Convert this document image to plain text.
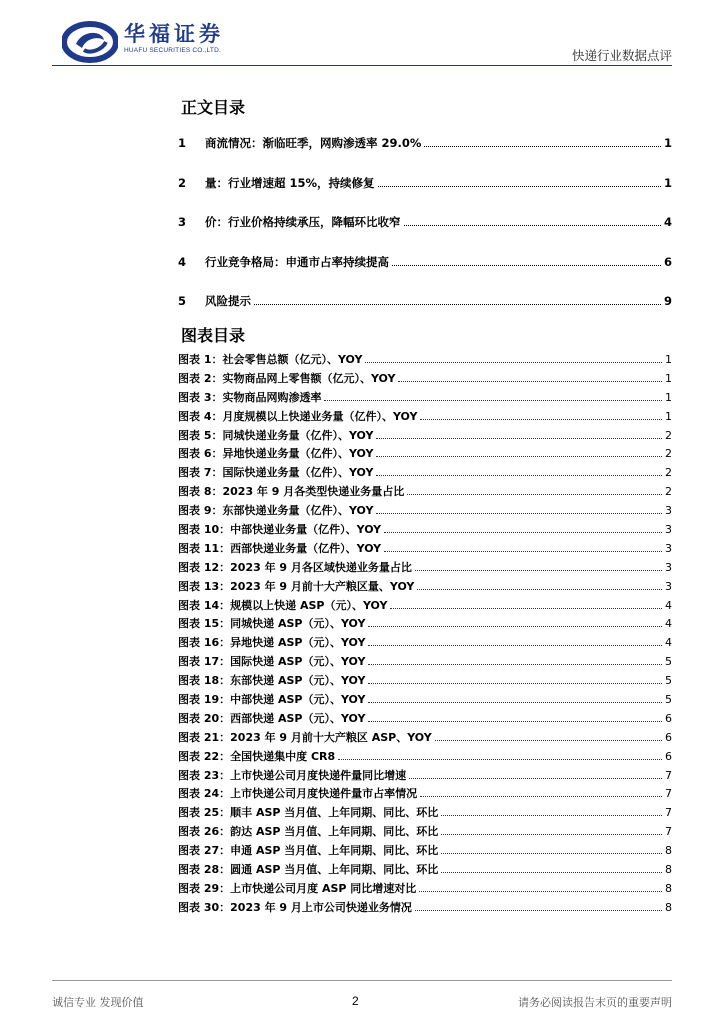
华福证券
HUAFU SECURITIES CO.,LTD.	快递行业数据点评
正文目录
1	商流情况：渐临旺季，网购渗透率 29.0%	1
2	量：行业增速超 15%，持续修复	1
3	价：行业价格持续承压，降幅环比收窄	4
4	行业竞争格局：申通市占率持续提高	6
5	风险提示	9
图表目录
图表 1：社会零售总额（亿元）、YOY	1
图表 2：实物商品网上零售额（亿元）、YOY	1
图表 3：实物商品网购渗透率	1
图表 4：月度规模以上快递业务量（亿件）、YOY	1
图表 5：同城快递业务量（亿件）、YOY	2
图表 6：异地快递业务量（亿件）、YOY	2
图表 7：国际快递业务量（亿件）、YOY	2
图表 8：2023 年 9 月各类型快递业务量占比	2
图表 9：东部快递业务量（亿件）、YOY	3
图表 10：中部快递业务量（亿件）、YOY	3
图表 11：西部快递业务量（亿件）、YOY	3
图表 12：2023 年 9 月各区域快递业务量占比	3
图表 13：2023 年 9 月前十大产粮区量、YOY	3
图表 14：规模以上快递 ASP（元）、YOY	4
图表 15：同城快递 ASP（元）、YOY	4
图表 16：异地快递 ASP（元）、YOY	4
图表 17：国际快递 ASP（元）、YOY	5
图表 18：东部快递 ASP（元）、YOY	5
图表 19：中部快递 ASP（元）、YOY	5
图表 20：西部快递 ASP（元）、YOY	6
图表 21：2023 年 9 月前十大产粮区 ASP、YOY	6
图表 22：全国快递集中度 CR8	6
图表 23：上市快递公司月度快递件量同比增速	7
图表 24：上市快递公司月度快递件量市占率情况	7
图表 25：顺丰 ASP 当月值、上年同期、同比、环比	7
图表 26：韵达 ASP 当月值、上年同期、同比、环比	7
图表 27：申通 ASP 当月值、上年同期、同比、环比	8
图表 28：圆通 ASP 当月值、上年同期、同比、环比	8
图表 29：上市快递公司月度 ASP 同比增速对比	8
图表 30：2023 年 9 月上市公司快递业务情况	8
诚信专业 发现价值	2	请务必阅读报告末页的重要声明
